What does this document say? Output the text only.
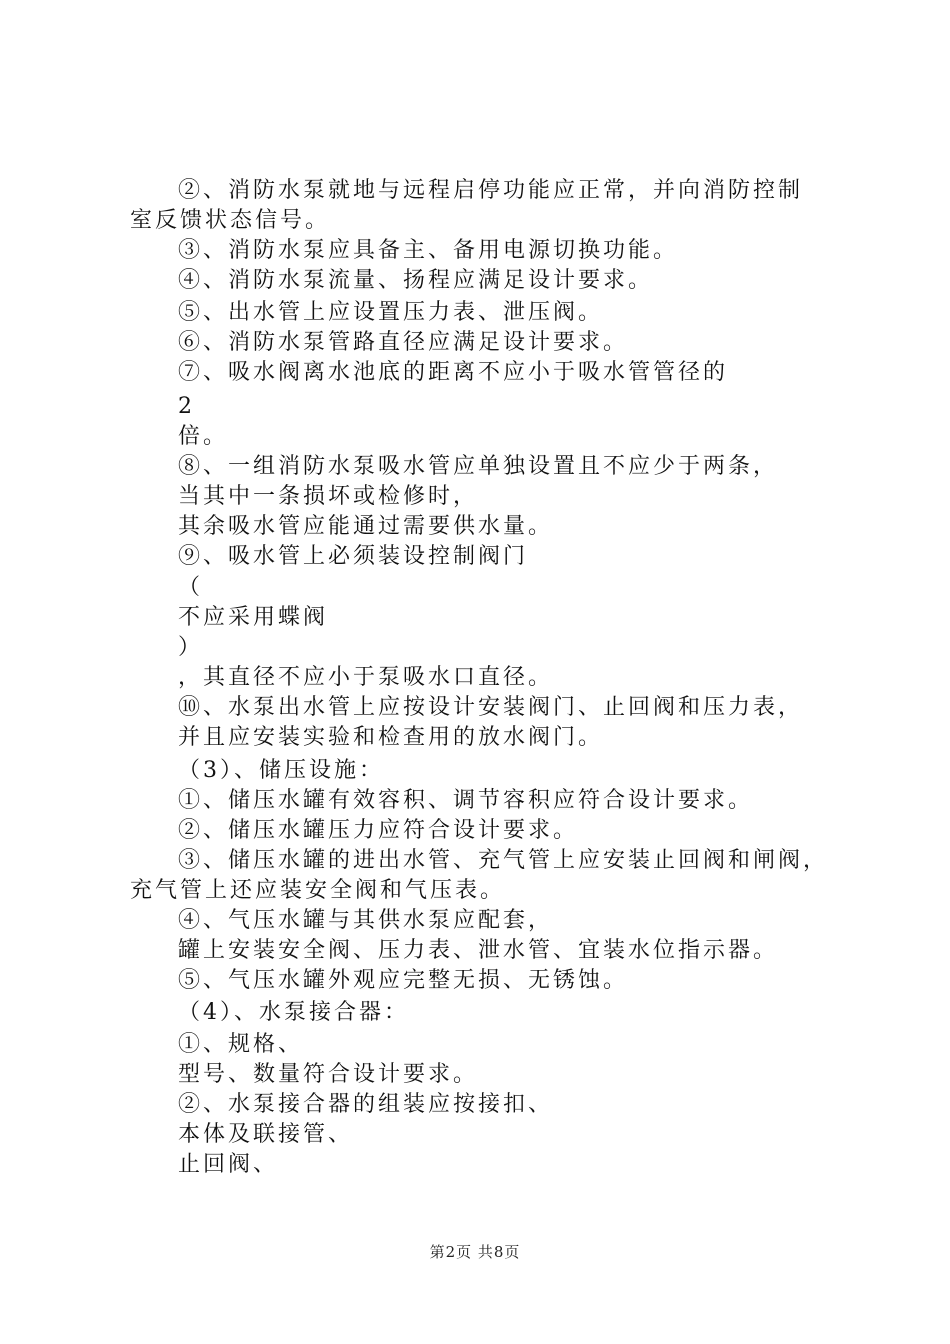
②、消防水泵就地与远程启停功能应正常，并向消防控制
室反馈状态信号。
③、消防水泵应具备主、备用电源切换功能。
④、消防水泵流量、扬程应满足设计要求。
⑤、出水管上应设置压力表、泄压阀。
⑥、消防水泵管路直径应满足设计要求。
⑦、吸水阀离水池底的距离不应小于吸水管管径的
2
倍。
⑧、一组消防水泵吸水管应单独设置且不应少于两条，
当其中一条损坏或检修时，
其余吸水管应能通过需要供水量。
⑨、吸水管上必须装设控制阀门
（
不应采用蝶阀
）
，其直径不应小于泵吸水口直径。
⑩、水泵出水管上应按设计安装阀门、止回阀和压力表，
并且应安装实验和检查用的放水阀门。
（3）、储压设施：
①、储压水罐有效容积、调节容积应符合设计要求。
②、储压水罐压力应符合设计要求。
③、储压水罐的进出水管、充气管上应安装止回阀和闸阀，
充气管上还应装安全阀和气压表。
④、气压水罐与其供水泵应配套，
罐上安装安全阀、压力表、泄水管、宜装水位指示器。
⑤、气压水罐外观应完整无损、无锈蚀。
（4）、水泵接合器：
①、规格、
型号、数量符合设计要求。
②、水泵接合器的组装应按接扣、
本体及联接管、
止回阀、
第2页 共8页
